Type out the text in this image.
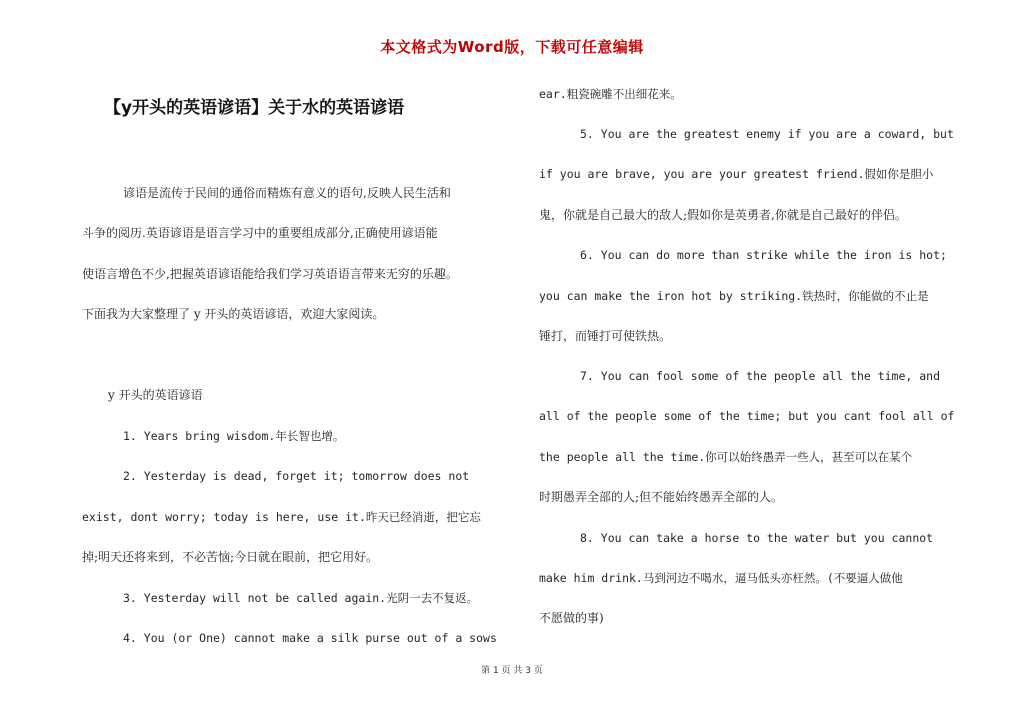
本文格式为Word版，下载可任意编辑
【y开头的英语谚语】关于水的英语谚语
谚语是流传于民间的通俗而精炼有意义的语句,反映人民生活和
斗争的阅历.英语谚语是语言学习中的重要组成部分,正确使用谚语能
使语言增色不少,把握英语谚语能给我们学习英语语言带来无穷的乐趣。
下面我为大家整理了 y 开头的英语谚语，欢迎大家阅读。
y 开头的英语谚语
1. Years bring wisdom.年长智也增。
2. Yesterday is dead, forget it; tomorrow does not
exist, dont worry; today is here, use it.昨天已经消逝，把它忘
掉;明天还将来到，不必苦恼;今日就在眼前，把它用好。
3. Yesterday will not be called again.光阴一去不复返。
4. You (or One) cannot make a silk purse out of a sows
ear.粗瓷碗雕不出细花来。
5. You are the greatest enemy if you are a coward, but
if you are brave, you are your greatest friend.假如你是胆小
鬼，你就是自己最大的敌人;假如你是英勇者,你就是自己最好的伴侣。
6. You can do more than strike while the iron is hot;
you can make the iron hot by striking.铁热时，你能做的不止是
锤打，而锤打可使铁热。
7. You can fool some of the people all the time, and
all of the people some of the time; but you cant fool all of
the people all the time.你可以始终愚弄一些人，甚至可以在某个
时期愚弄全部的人;但不能始终愚弄全部的人。
8. You can take a horse to the water but you cannot
make him drink.马到河边不喝水，逼马低头亦枉然。(不要逼人做他
不愿做的事)
第 1 页 共 3 页
